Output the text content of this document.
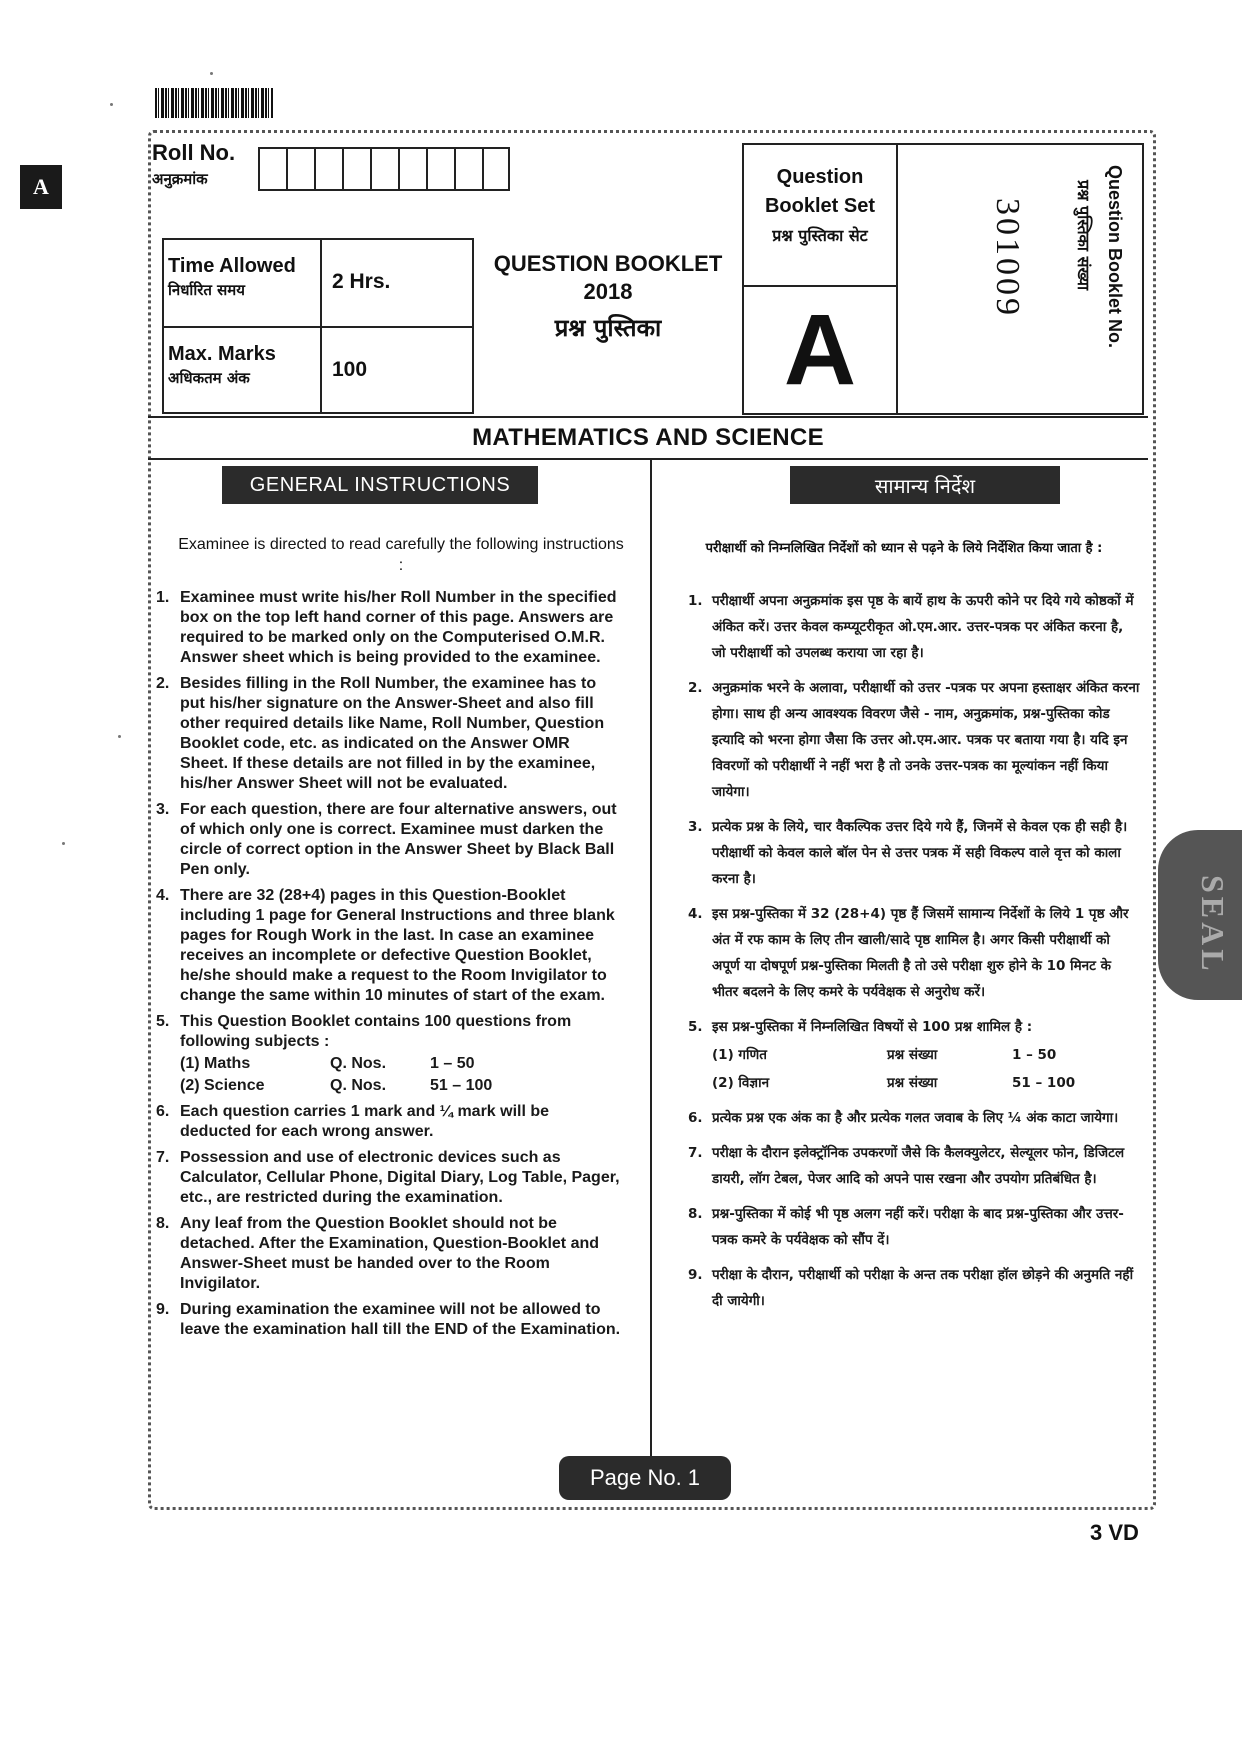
A
Roll No.
अनुक्रमांक
Time Allowed
निर्धारित समय	2 Hrs.
Max. Marks
अधिकतम अंक	100
QUESTION BOOKLET
2018
प्रश्न पुस्तिका
Question Booklet Set
प्रश्न पुस्तिका सेट
A
301009	प्रश्न पुस्तिका संख्या Question Booklet No.
MATHEMATICS AND SCIENCE
GENERAL INSTRUCTIONS	सामान्य निर्देश
Examinee is directed to read carefully the following instructions :
परीक्षार्थी को निम्नलिखित निर्देशों को ध्यान से पढ़ने के लिये निर्देशित किया जाता है :
1. Examinee must write his/her Roll Number in the specified box on the top left hand corner of this page. Answers are required to be marked only on the Computerised O.M.R. Answer sheet which is being provided to the examinee.
2. Besides filling in the Roll Number, the examinee has to put his/her signature on the Answer-Sheet and also fill other required details like Name, Roll Number, Question Booklet code, etc. as indicated on the Answer OMR Sheet. If these details are not filled in by the examinee, his/her Answer Sheet will not be evaluated.
3. For each question, there are four alternative answers, out of which only one is correct. Examinee must darken the circle of correct option in the Answer Sheet by Black Ball Pen only.
4. There are 32 (28+4) pages in this Question-Booklet including 1 page for General Instructions and three blank pages for Rough Work in the last. In case an examinee receives an incomplete or defective Question Booklet, he/she should make a request to the Room Invigilator to change the same within 10 minutes of start of the exam.
5. This Question Booklet contains 100 questions from following subjects :
(1) Maths	Q. Nos.	1 – 50
(2) Science	Q. Nos.	51 – 100
6. Each question carries 1 mark and ¼ mark will be deducted for each wrong answer.
7. Possession and use of electronic devices such as Calculator, Cellular Phone, Digital Diary, Log Table, Pager, etc., are restricted during the examination.
8. Any leaf from the Question Booklet should not be detached. After the Examination, Question-Booklet and Answer-Sheet must be handed over to the Room Invigilator.
9. During examination the examinee will not be allowed to leave the examination hall till the END of the Examination.
1. परीक्षार्थी अपना अनुक्रमांक इस पृष्ठ के बायें हाथ के ऊपरी कोने पर दिये गये कोष्ठकों में अंकित करें। उत्तर केवल कम्प्यूटरीकृत ओ.एम.आर. उत्तर-पत्रक पर अंकित करना है, जो परीक्षार्थी को उपलब्ध कराया जा रहा है।
2. अनुक्रमांक भरने के अलावा, परीक्षार्थी को उत्तर -पत्रक पर अपना हस्ताक्षर अंकित करना होगा। साथ ही अन्य आवश्यक विवरण जैसे - नाम, अनुक्रमांक, प्रश्न-पुस्तिका कोड इत्यादि को भरना होगा जैसा कि उत्तर ओ.एम.आर. पत्रक पर बताया गया है। यदि इन विवरणों को परीक्षार्थी ने नहीं भरा है तो उनके उत्तर-पत्रक का मूल्यांकन नहीं किया जायेगा।
3. प्रत्येक प्रश्न के लिये, चार वैकल्पिक उत्तर दिये गये हैं, जिनमें से केवल एक ही सही है। परीक्षार्थी को केवल काले बॉल पेन से उत्तर पत्रक में सही विकल्प वाले वृत्त को काला करना है।
4. इस प्रश्न-पुस्तिका में 32 (28+4) पृष्ठ हैं जिसमें सामान्य निर्देशों के लिये 1 पृष्ठ और अंत में रफ काम के लिए तीन खाली/सादे पृष्ठ शामिल है। अगर किसी परीक्षार्थी को अपूर्ण या दोषपूर्ण प्रश्न-पुस्तिका मिलती है तो उसे परीक्षा शुरु होने के 10 मिनट के भीतर बदलने के लिए कमरे के पर्यवेक्षक से अनुरोध करें।
5. इस प्रश्न-पुस्तिका में निम्नलिखित विषयों से 100 प्रश्न शामिल है :
(1) गणित	प्रश्न संख्या	1 – 50
(2) विज्ञान	प्रश्न संख्या	51 – 100
6. प्रत्येक प्रश्न एक अंक का है और प्रत्येक गलत जवाब के लिए ¼ अंक काटा जायेगा।
7. परीक्षा के दौरान इलेक्ट्रॉनिक उपकरणों जैसे कि कैलक्युलेटर, सेल्यूलर फोन, डिजिटल डायरी, लॉग टेबल, पेजर आदि को अपने पास रखना और उपयोग प्रतिबंधित है।
8. प्रश्न-पुस्तिका में कोई भी पृष्ठ अलग नहीं करें। परीक्षा के बाद प्रश्न-पुस्तिका और उत्तर-पत्रक कमरे के पर्यवेक्षक को सौंप दें।
9. परीक्षा के दौरान, परीक्षार्थी को परीक्षा के अन्त तक परीक्षा हॉल छोड़ने की अनुमति नहीं दी जायेगी।
SEAL
Page No. 1
3 VD
